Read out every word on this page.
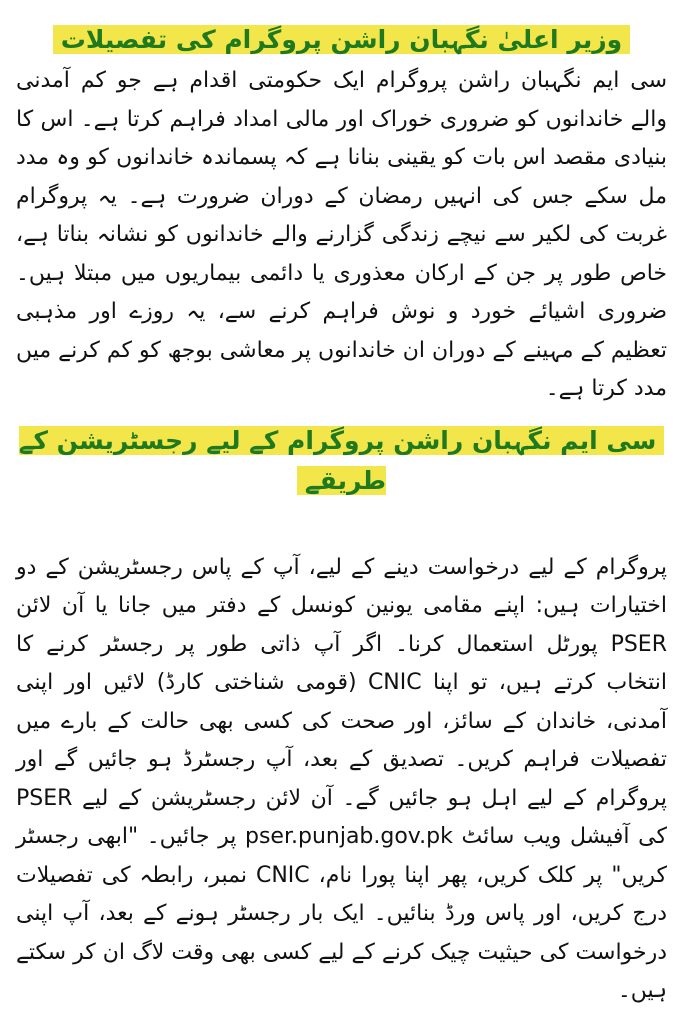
وزیر اعلیٰ نگہبان راشن پروگرام کی تفصیلات

سی ایم نگہبان راشن پروگرام ایک حکومتی اقدام ہے جو کم آمدنی والے خاندانوں کو ضروری خوراک اور مالی امداد فراہم کرتا ہے۔ اس کا بنیادی مقصد اس بات کو یقینی بنانا ہے کہ پسماندہ خاندانوں کو وہ مدد مل سکے جس کی انہیں رمضان کے دوران ضرورت ہے۔ یہ پروگرام غربت کی لکیر سے نیچے زندگی گزارنے والے خاندانوں کو نشانہ بناتا ہے، خاص طور پر جن کے ارکان معذوری یا دائمی بیماریوں میں مبتلا ہیں۔ ضروری اشیائے خورد و نوش فراہم کرنے سے، یہ روزے اور مذہبی تعظیم کے مہینے کے دوران ان خاندانوں پر معاشی بوجھ کو کم کرنے میں مدد کرتا ہے۔

سی ایم نگہبان راشن پروگرام کے لیے رجسٹریشن کے طریقے

پروگرام کے لیے درخواست دینے کے لیے، آپ کے پاس رجسٹریشن کے دو اختیارات ہیں: اپنے مقامی یونین کونسل کے دفتر میں جانا یا آن لائن PSER پورٹل استعمال کرنا۔ اگر آپ ذاتی طور پر رجسٹر کرنے کا انتخاب کرتے ہیں، تو اپنا CNIC (قومی شناختی کارڈ) لائیں اور اپنی آمدنی، خاندان کے سائز، اور صحت کی کسی بھی حالت کے بارے میں تفصیلات فراہم کریں۔ تصدیق کے بعد، آپ رجسٹرڈ ہو جائیں گے اور پروگرام کے لیے اہل ہو جائیں گے۔ آن لائن رجسٹریشن کے لیے PSER کی آفیشل ویب سائٹ pser.punjab.gov.pk پر جائیں۔ "ابھی رجسٹر کریں" پر کلک کریں، پھر اپنا پورا نام، CNIC نمبر، رابطہ کی تفصیلات درج کریں، اور پاس ورڈ بنائیں۔ ایک بار رجسٹر ہونے کے بعد، آپ اپنی درخواست کی حیثیت چیک کرنے کے لیے کسی بھی وقت لاگ ان کر سکتے ہیں۔
